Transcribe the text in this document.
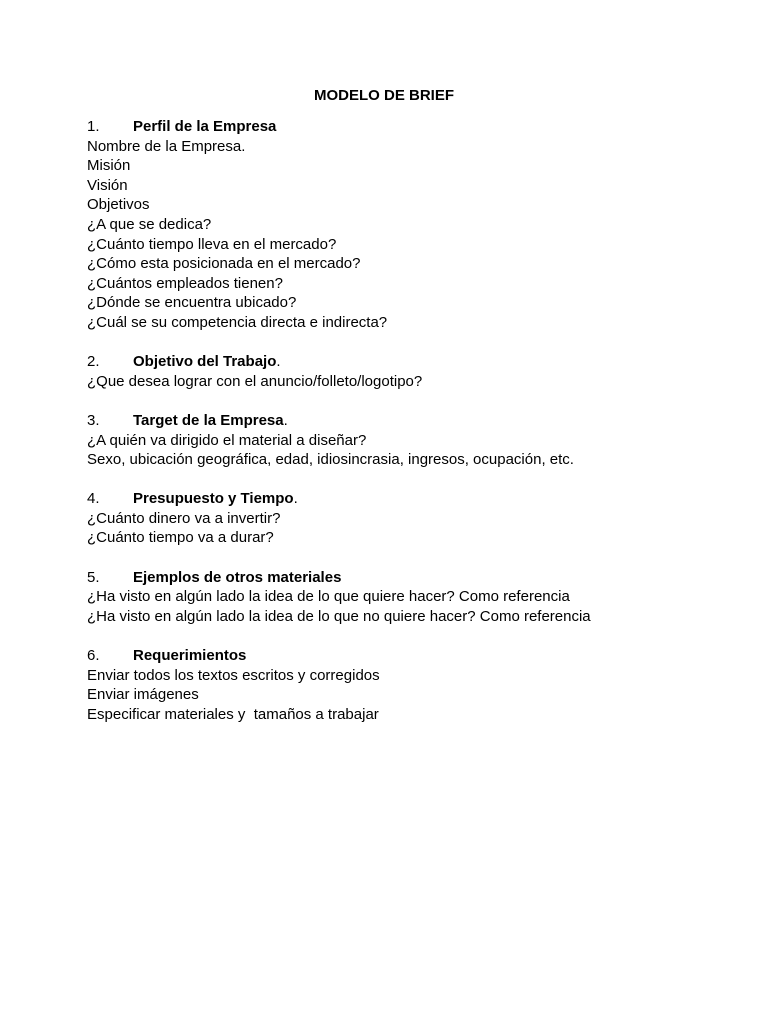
MODELO DE BRIEF
1.	Perfil de la Empresa
Nombre de la Empresa.
Misión
Visión
Objetivos
¿A que se dedica?
¿Cuánto tiempo lleva en el mercado?
¿Cómo esta posicionada en el mercado?
¿Cuántos empleados tienen?
¿Dónde se encuentra ubicado?
¿Cuál se su competencia directa e indirecta?
2.	Objetivo del Trabajo .
¿Que desea lograr con el anuncio/folleto/logotipo?
3.	Target de la Empresa .
¿A quién va dirigido el material a diseñar?
Sexo, ubicación geográfica, edad, idiosincrasia, ingresos, ocupación, etc.
4.	Presupuesto y Tiempo .
¿Cuánto dinero va a invertir?
¿Cuánto tiempo va a durar?
5.	Ejemplos de otros materiales
¿Ha visto en algún lado la idea de lo que quiere hacer? Como referencia
¿Ha visto en algún lado la idea de lo que no quiere hacer? Como referencia
6.	Requerimientos
Enviar todos los textos escritos y corregidos
Enviar imágenes
Especificar materiales y  tamaños a trabajar
